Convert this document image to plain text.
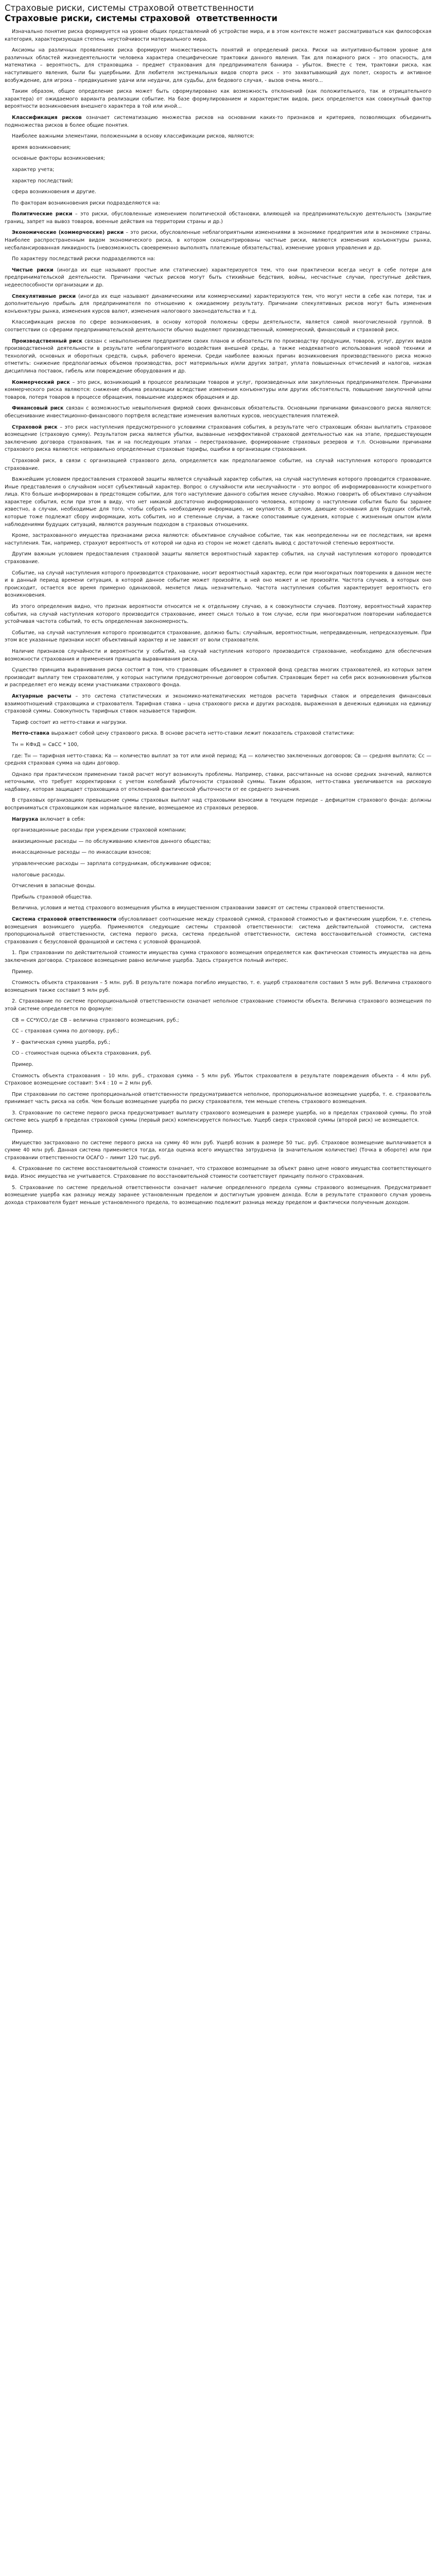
Страховые риски, системы страховой ответственности
Страховые риски, системы страховой  ответственности
Изначально понятие риска формируется на уровне общих представлений об устройстве мира, и в этом контексте может рассматриваться как философская категория, характеризующая степень неустойчивости материального мира.
Аксиомы на различных проявлениях риска формируют множественность понятий и определений риска. Риски на интуитивно-бытовом уровне для различных областей жизнедеятельности человека характера специфические трактовки данного явления. Так для пожарного риск – это опасность, для математика – вероятность, для страховщика – предмет страхования для предпринимателя банкира – убыток. Вместе с тем, трактовки риска, как наступившего явления, были бы ущербными. Для любителя экстремальных видов спорта риск – это захватывающий дух полет, скорость и активное возбуждение, для игрока – предвкушение удачи или неудачи, для судьбы, для бедового случая, - вызов очень много...
Таким образом, общее определение риска может быть сформулировано как возможность отклонений (как положительного, так и отрицательного характера) от ожидаемого варианта реализации событие. На базе формулированием и характеристик видов, риск определяется как совокупный фактор вероятности возникновения внешнего характера в той или иной...
Классификация рисков означает систематизацию множества рисков на основании каких-то признаков и критериев, позволяющих объединить подмножества рисков в более общие понятия.
Наиболее важными элементами, положенными в основу классификации рисков, являются:
время возникновения;
основные факторы возникновения;
характер учета;
характер последствий;
сфера возникновения и другие.
По факторам возникновения риски подразделяются на:
Политические риски – это риски, обусловленные изменением политической обстановки, влияющей на предпринимательскую деятельность (закрытие границ, запрет на вывоз товаров, военные действия на территории страны и др.)
Экономические (коммерческие) риски – это риски, обусловленные неблагоприятными изменениями в экономике предприятия или в экономике страны. Наиболее распространенным видом экономического риска, в котором сконцентрированы частные риски, являются изменения конъюнктуры рынка, несбалансированная ликвидность (невозможность своевременно выполнять платежные обязательства), изменение уровня управления и др.
По характеру последствий риски подразделяются на:
Чистые риски (иногда их еще называют простые или статические) характеризуются тем, что они практически всегда несут в себе потери для предпринимательской деятельности. Причинами чистых рисков могут быть стихийные бедствия, войны, несчастные случаи, преступные действия, недееспособности организации и др.
Спекулятивные риски (иногда их еще называют динамическими или коммерческими) характеризуются тем, что могут нести в себе как потери, так и дополнительную прибыль для предпринимателя по отношению к ожидаемому результату. Причинами спекулятивных рисков могут быть изменения конъюнктуры рынка, изменения курсов валют, изменения налогового законодательства и т.д.
Классификация рисков по сфере возникновения, в основу которой положены сферы деятельности, является самой многочисленной группой. В соответствии со сферами предпринимательской деятельности обычно выделяют производственный, коммерческий, финансовый и страховой риск.
Производственный риск связан с невыполнением предприятием своих планов и обязательств по производству продукции, товаров, услуг, других видов производственной деятельности в результате неблагоприятного воздействия внешней среды, а также неадекватного использования новой техники и технологий, основных и оборотных средств, сырья, рабочего времени. Среди наиболее важных причин возникновения производственного риска можно отметить: снижение предполагаемых объемов производства, рост материальных и/или других затрат, уплата повышенных отчислений и налогов, низкая дисциплина поставок, гибель или повреждение оборудования и др.
Коммерческий риск – это риск, возникающий в процессе реализации товаров и услуг, произведенных или закупленных предпринимателем. Причинами коммерческого риска являются: снижение объема реализации вследствие изменения конъюнктуры или других обстоятельств, повышение закупочной цены товаров, потеря товаров в процессе обращения, повышение издержек обращения и др.
Финансовый риск связан с возможностью невыполнения фирмой своих финансовых обязательств. Основными причинами финансового риска являются: обесценивание инвестиционно-финансового портфеля вследствие изменения валютных курсов, неосуществления платежей.
Страховой риск – это риск наступления предусмотренного условиями страхования события, в результате чего страховщик обязан выплатить страховое возмещение (страховую сумму). Результатом риска является убытки, вызванные неэффективной страховой деятельностью как на этапе, предшествующем заключению договора страхования, так и на последующих этапах – перестрахование, формирование страховых резервов и т.п. Основными причинами страхового риска являются: неправильно определенные страховые тарифы, ошибки в организации страхования.
Страховой риск, в связи с организацией страхового дела, определяется как предполагаемое событие, на случай наступления которого проводится страхование.
Важнейшим условием предоставления страховой защиты является случайный характер события, на случай наступления которого проводится страхование. Иные представления о случайном носят субъективный характер. Вопрос о случайности или неслучайности - это вопрос об информированности конкретного лица. Кто больше информирован в предстоящем событии, для того наступление данного события менее случайно. Можно говорить об объективно случайном характере события, если при этом в виду, что нет никакой достаточно информированного человека, которому о наступлении события было бы заранее известно, а случаи, необходимые для того, чтобы собрать необходимую информацию, не окупаются. В целом, дающие основания для будущих событий, которые тоже подлежат сбору информации, хоть события, но и степенные случаи, а также сопоставимые суждения, которые с жизненным опытом и/или наблюдениями будущих ситуаций, являются разумным подходом в страховых отношениях.
Кроме, застрахованного имущества признаками риска являются: объективное случайное событие, так как неопределенны ни ее последствия, ни время наступления. Так, например, страхуют вероятность от которой ни одна из сторон не может сделать вывод с достаточной степенью вероятности.
Другим важным условием предоставления страховой защиты является вероятностный характер события, на случай наступления которого проводится страхование.
Событие, на случай наступления которого производится страхование, носит вероятностный характер, если при многократных повторениях в данном месте и в данный период времени ситуация, в которой данное событие может произойти, в ней оно может и не произойти. Частота случаев, в которых оно происходит, остается все время примерно одинаковой, меняется лишь незначительно. Частота наступления события характеризует вероятность его возникновения.
Из этого определения видно, что признак вероятности относится не к отдельному случаю, а к совокупности случаев. Поэтому, вероятностный характер события, на случай наступления которого производится страхование, имеет смысл только в том случае, если при многократном повторении наблюдается устойчивая частота событий, то есть определенная закономерность.
Событие, на случай наступления которого производится страхование, должно быть: случайным, вероятностным, непредвиденным, непредсказуемым. При этом все указанные признаки носят объективный характер и не зависят от воли страхователя.
Наличие признаков случайности и вероятности у событий, на случай наступления которого производится страхование, необходимо для обеспечения возможности страхования и применения принципа выравнивания риска.
Существо принципа выравнивания риска состоит в том, что страховщик объединяет в страховой фонд средства многих страхователей, из которых затем производит выплату тем страхователям, у которых наступили предусмотренные договором события. Страховщик берет на себя риск возникновения убытков и распределяет его между всеми участниками страхового фонда.
Актуарные расчеты – это система статистических и экономико-математических методов расчета тарифных ставок и определения финансовых взаимоотношений страховщика и страхователя. Тарифная ставка – цена страхового риска и других расходов, выраженная в денежных единицах на единицу страховой суммы. Совокупность тарифных ставок называется тарифом.
Тариф состоит из нетто-ставки и нагрузки.
Нетто-ставка выражает собой цену страхового риска. В основе расчета нетто-ставки лежит показатель страховой статистики:
Тн = КФхД = СвСС * 100,
где: Тн — тарифная нетто-ставка; Кв — количество выплат за тот или иной период; Кд — количество заключенных договоров; Св — средняя выплата; Сс — средняя страховая сумма на один договор.
Однако при практическом применении такой расчет могут возникнуть проблемы. Например, ставки, рассчитанные на основе средних значений, являются неточными, что требует корректировки с учетом колебаний убыточности страховой суммы. Таким образом, нетто-ставка увеличивается на рисковую надбавку, которая защищает страховщика от отклонений фактической убыточности от ее среднего значения.
В страховых организациях превышение суммы страховых выплат над страховыми взносами в текущем периоде – дефицитом страхового фонда: должны восприниматься страховщиком как нормальное явление, возмещаемое из страховых резервов.
Нагрузка включает в себя:
организационные расходы при учреждении страховой компании;
аквизиционные расходы — по обслуживанию клиентов данного общества;
инкассационные расходы — по инкассации взносов;
управленческие расходы — зарплата сотрудникам, обслуживание офисов;
налоговые расходы.
Отчисления в запасные фонды.
Прибыль страховой общества.
Величина, условия и метод страхового возмещения убытка в имущественном страховании зависят от системы страховой ответственности.
Система страховой ответственности обусловливает соотношение между страховой суммой, страховой стоимостью и фактическим ущербом, т.е. степень возмещения возникшего ущерба. Применяются следующие системы страховой ответственности: система действительной стоимости, система пропорциональной ответственности, система первого риска, система предельной ответственности, система восстановительной стоимости, система страхования с безусловной франшизой и система с условной франшизой.
1. При страховании по действительной стоимости имущества сумма страхового возмещения определяется как фактическая стоимость имущества на день заключения договора. Страховое возмещение равно величине ущерба. Здесь страхуется полный интерес.
Пример.
Стоимость объекта страхования – 5 млн. руб. В результате пожара погибло имущество, т. е. ущерб страхователя составил 5 млн руб. Величина страхового возмещения также составит 5 млн руб.
2. Страхование по системе пропорциональной ответственности означает неполное страхование стоимости объекта. Величина страхового возмещения по этой системе определяется по формуле:
СВ = СС*У/СО,где СВ – величина страхового возмещения, руб.;
СС – страховая сумма по договору, руб.;
У – фактическая сумма ущерба, руб.;
СО – стоимостная оценка объекта страхования, руб.
Пример.
Стоимость объекта страхования – 10 млн. руб., страховая сумма – 5 млн руб. Убыток страхователя в результате повреждения объекта – 4 млн руб. Страховое возмещение составит: 5×4 : 10 = 2 млн руб.
При страховании по системе пропорциональной ответственности предусматривается неполное, пропорциональное возмещение ущерба, т. е. страхователь принимает часть риска на себя. Чем больше возмещение ущерба по риску страхователя, тем меньше степень страхового возмещения.
3. Страхование по системе первого риска предусматривает выплату страхового возмещения в размере ущерба, но в пределах страховой суммы. По этой системе весь ущерб в пределах страховой суммы (первый риск) компенсируется полностью. Ущерб сверх страховой суммы (второй риск) не возмещается.
Пример.
Имущество застраховано по системе первого риска на сумму 40 млн руб. Ущерб возник в размере 50 тыс. руб. Страховое возмещение выплачивается в сумме 40 млн руб. Данная система применяется тогда, когда оценка всего имущества затруднена (в значительном количестве) (Точка в обороте) или при страховании ответственности ОСАГО – лимит 120 тыс.руб.
4. Страхование по системе восстановительной стоимости означает, что страховое возмещение за объект равно цене нового имущества соответствующего вида. Износ имущества не учитывается. Страхование по восстановительной стоимости соответствует принципу полного страхования.
5. Страхование по системе предельной ответственности означает наличие определенного предела суммы страхового возмещения. Предусматривает возмещение ущерба как разницу между заранее установленным пределом и достигнутым уровнем дохода. Если в результате страхового случая уровень дохода страхователя будет меньше установленного предела, то возмещению подлежит разница между пределом и фактически полученным доходом.
